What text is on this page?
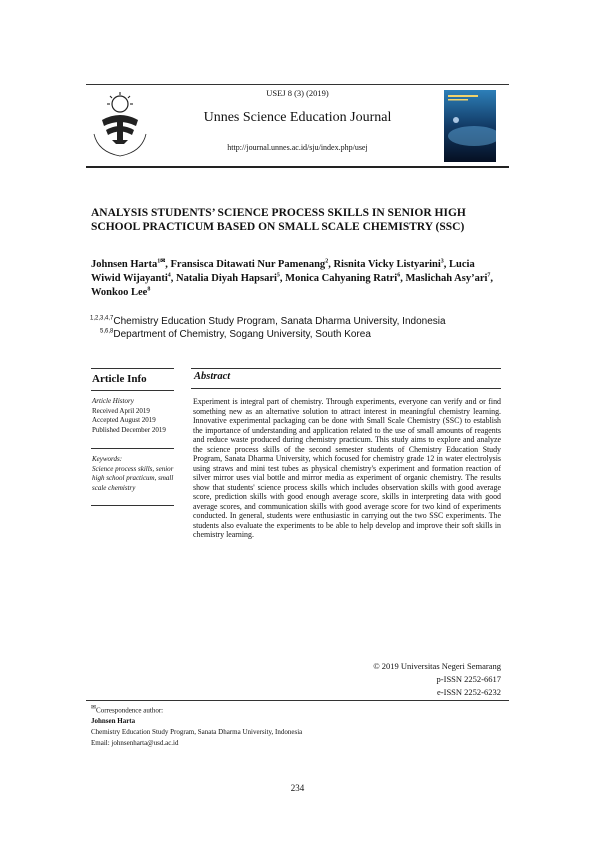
USEJ 8 (3) (2019)
Unnes Science Education Journal
http://journal.unnes.ac.id/sju/index.php/usej
ANALYSIS STUDENTS’ SCIENCE PROCESS SKILLS IN SENIOR HIGH SCHOOL PRACTICUM BASED ON SMALL SCALE CHEMISTRY (SSC)
Johnsen Harta$^{1✉}$, Fransisca Ditawati Nur Pamenang$^2$, Risnita Vicky Listyarini$^3$, Lucia Wiwid Wijayanti$^4$, Natalia Diyah Hapsari$^5$, Monica Cahyaning Ratri$^6$, Maslichah Asy’ari$^7$, Wonkoo Lee$^8$
$^{1,2,3,4,7}$Chemistry Education Study Program, Sanata Dharma University, Indonesia
$^{5,6,8}$Department of Chemistry, Sogang University, South Korea
Article Info
Article History
Received April 2019
Accepted August 2019
Published December 2019
Keywords:
Science process skills, senior high school practicum, small scale chemistry
Abstract
Experiment is integral part of chemistry. Through experiments, everyone can verify and or find something new as an alternative solution to attract interest in meaningful chemistry learning. Innovative experimental packaging can be done with Small Scale Chemistry (SSC) to establish the importance of understanding and application related to the use of small amounts of reagents and reduce waste produced during chemistry practicum. This study aims to explore and analyze the science process skills of the second semester students of Chemistry Education Study Program, Sanata Dharma University, which focused for chemistry grade 12 in water electrolysis using straws and mini test tubes as physical chemistry's experiment and formation reaction of silver mirror uses vial bottle and mirror media as experiment of organic chemistry. The results show that students' science process skills which includes observation skills with good average score, prediction skills with good enough average score, skills in interpreting data with good average scores, and communication skills with good average score for two kind of experiments conducted. In general, students were enthusiastic in carrying out the two SSC experiments. The students also evaluate the experiments to be able to help develop and improve their soft skills in chemistry learning.
© 2019 Universitas Negeri Semarang
p-ISSN 2252-6617
e-ISSN 2252-6232
✉Correspondence author:
Johnsen Harta
Chemistry Education Study Program, Sanata Dharma University, Indonesia
Email: johnsenharta@usd.ac.id
234
